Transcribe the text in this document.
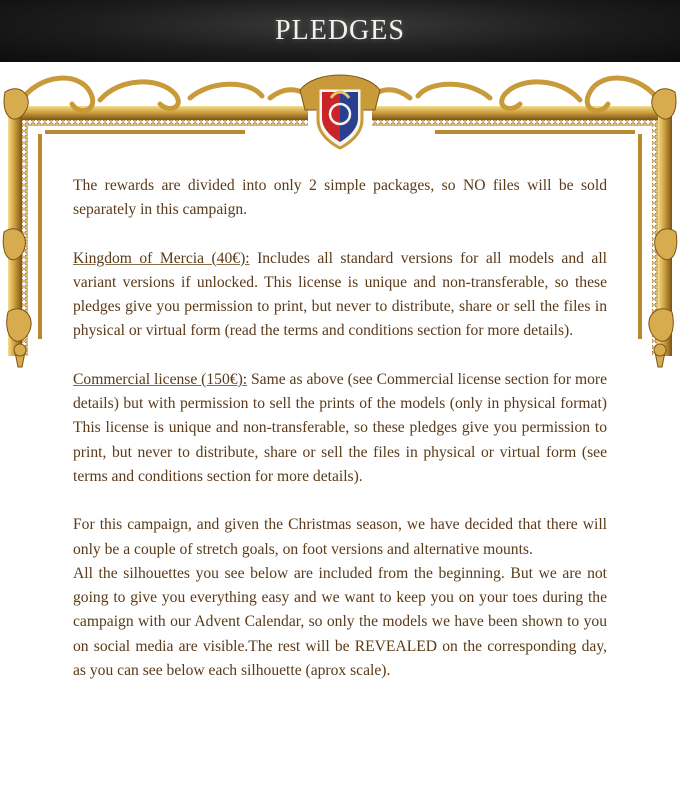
PLEDGES

The rewards are divided into only 2 simple packages, so NO files will be sold separately in this campaign.

Kingdom of Mercia (40€): Includes all standard versions for all models and all variant versions if unlocked. This license is unique and non-transferable, so these pledges give you permission to print, but never to distribute, share or sell the files in physical or virtual form (read the terms and conditions section for more details).

Commercial license (150€): Same as above (see Commercial license section for more details) but with permission to sell the prints of the models (only in physical format) This license is unique and non-transferable, so these pledges give you permission to print, but never to distribute, share or sell the files in physical or virtual form (see terms and conditions section for more details).

For this campaign, and given the Christmas season, we have decided that there will only be a couple of stretch goals, on foot versions and alternative mounts.

All the silhouettes you see below are included from the beginning. But we are not going to give you everything easy and we want to keep you on your toes during the campaign with our Advent Calendar, so only the models we have been shown to you on social media are visible.The rest will be REVEALED on the corresponding day, as you can see below each silhouette (aprox scale).
